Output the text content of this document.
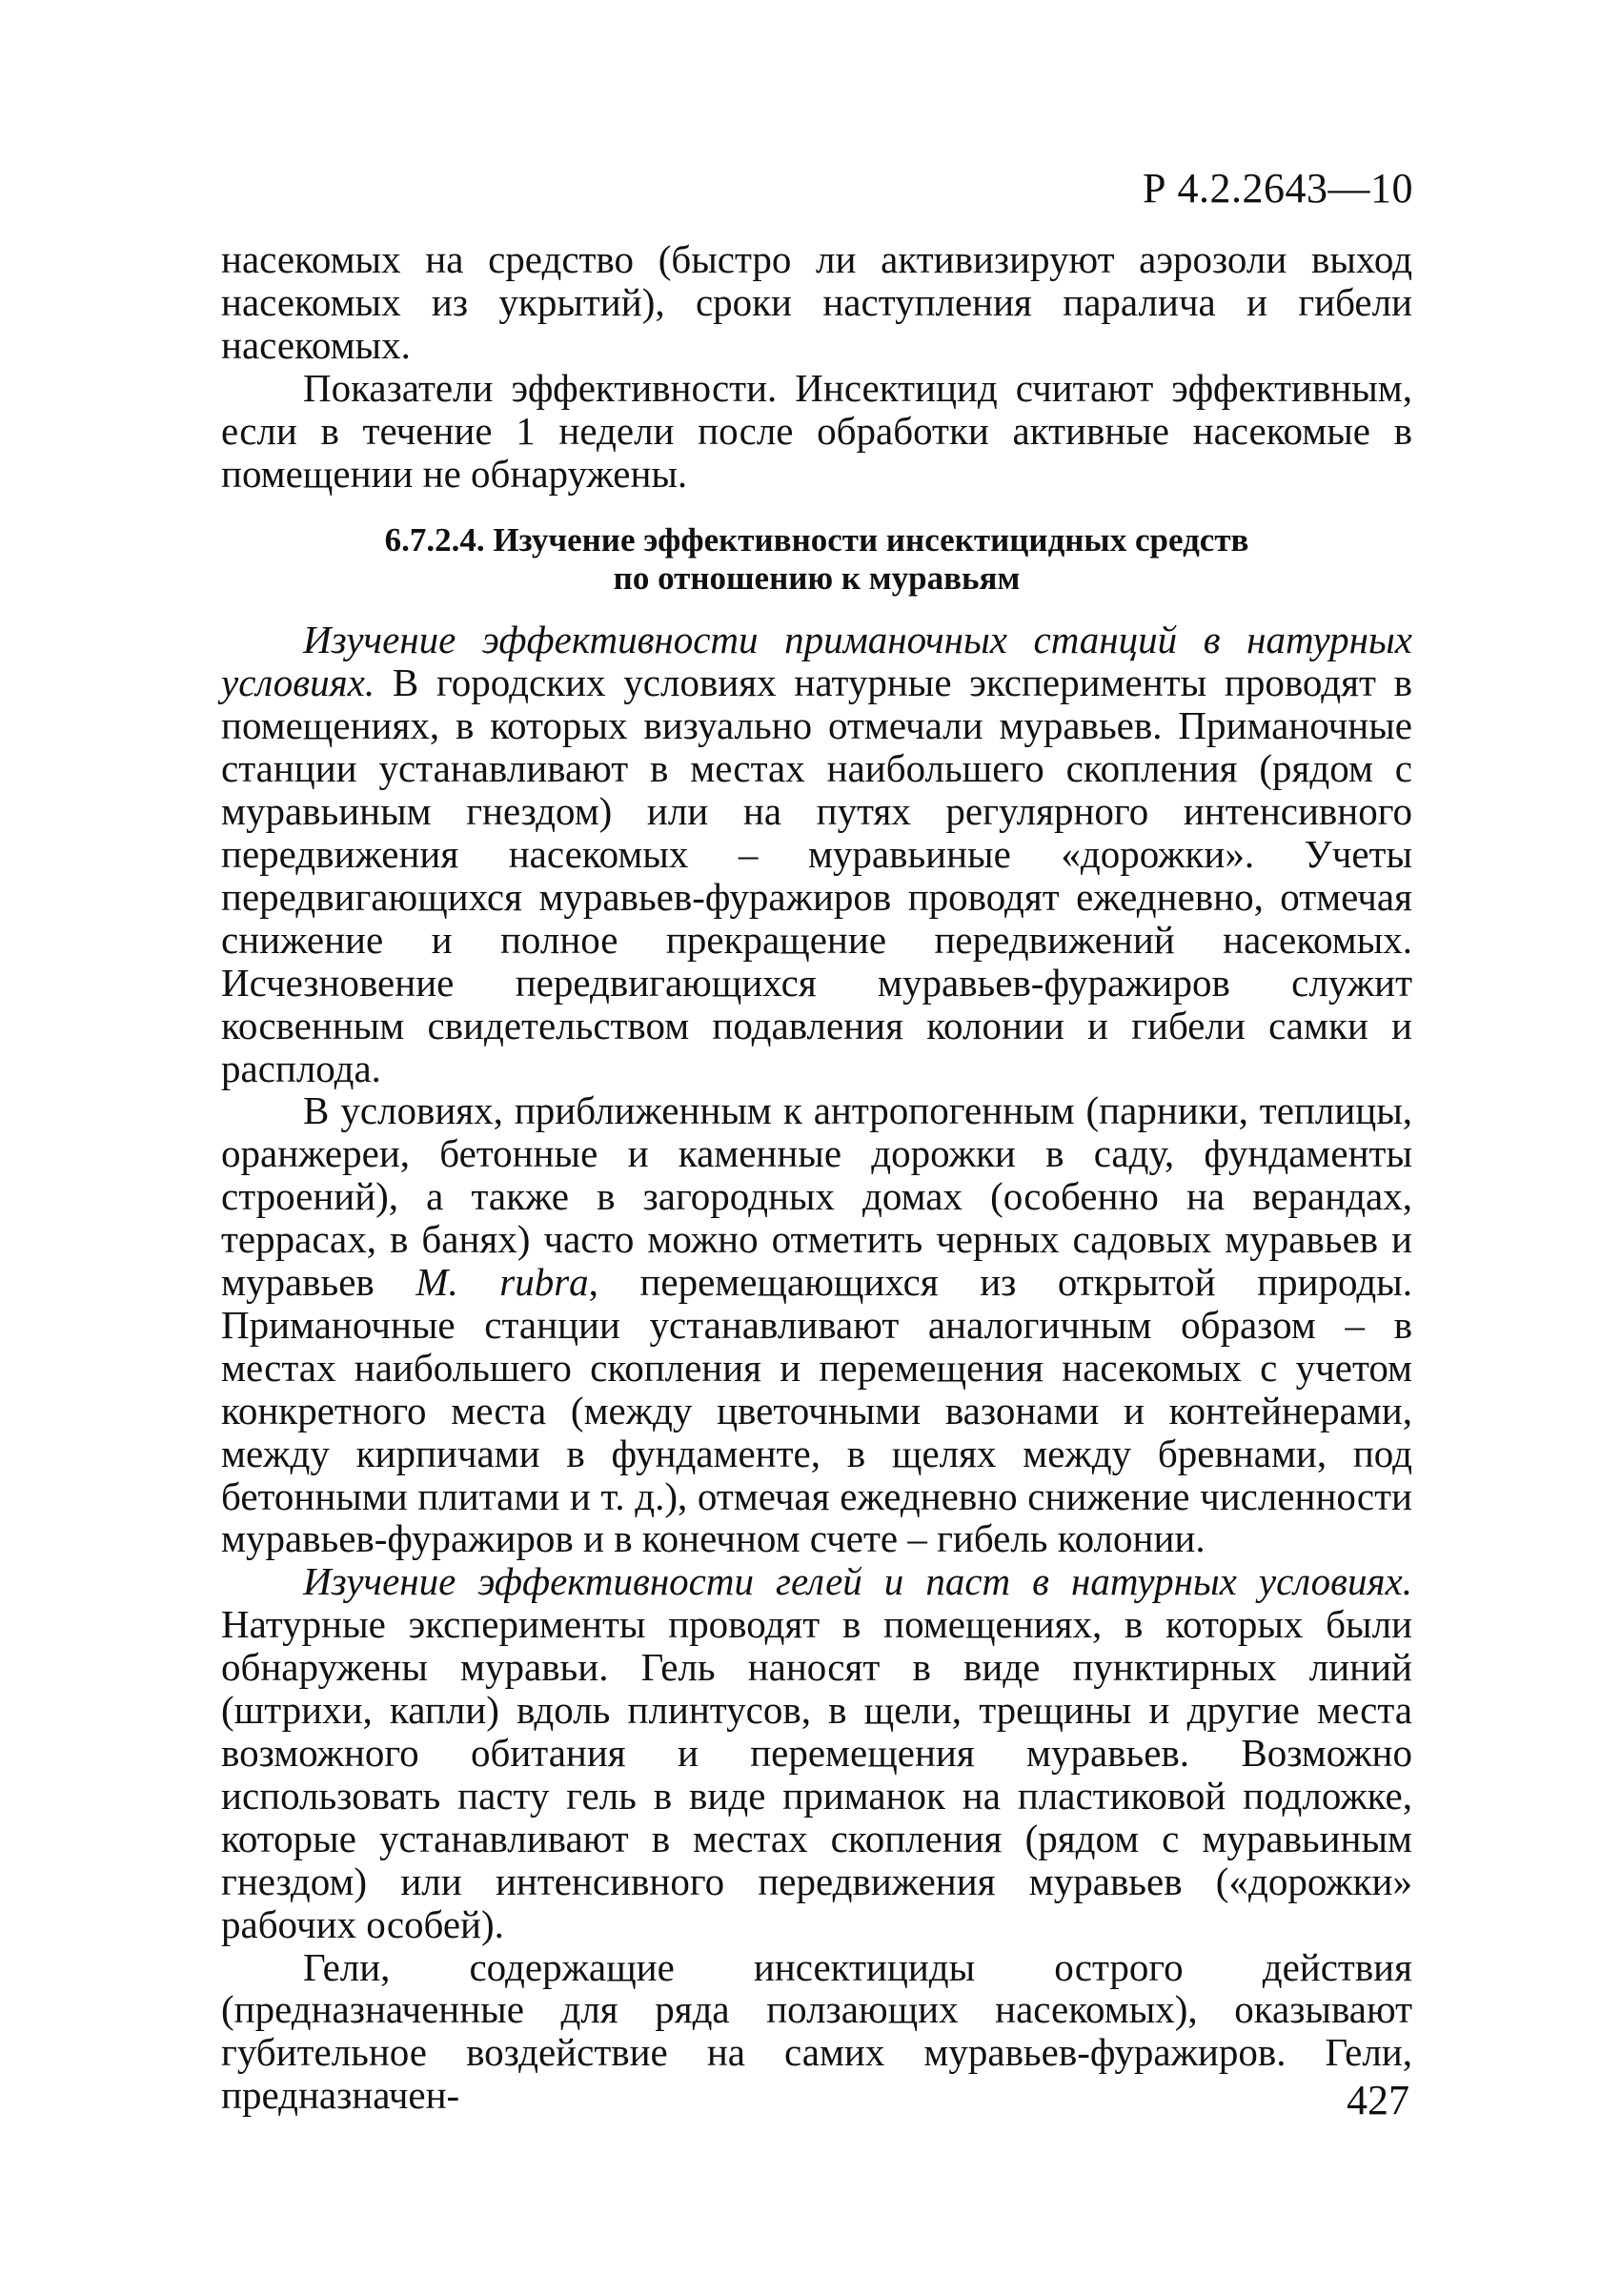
Р 4.2.2643—10

насекомых на средство (быстро ли активизируют аэрозоли выход насекомых из укрытий), сроки наступления паралича и гибели насекомых.

Показатели эффективности. Инсектицид считают эффективным, если в течение 1 недели после обработки активные насекомые в помещении не обнаружены.

6.7.2.4. Изучение эффективности инсектицидных средств
по отношению к муравьям

Изучение эффективности приманочных станций в натурных условиях. В городских условиях натурные эксперименты проводят в помещениях, в которых визуально отмечали муравьев. Приманочные станции устанавливают в местах наибольшего скопления (рядом с муравьиным гнездом) или на путях регулярного интенсивного передвижения насекомых – муравьиные «дорожки». Учеты передвигающихся муравьев-фуражиров проводят ежедневно, отмечая снижение и полное прекращение передвижений насекомых. Исчезновение передвигающихся муравьев-фуражиров служит косвенным свидетельством подавления колонии и гибели самки и расплода.

В условиях, приближенным к антропогенным (парники, теплицы, оранжереи, бетонные и каменные дорожки в саду, фундаменты строений), а также в загородных домах (особенно на верандах, террасах, в банях) часто можно отметить черных садовых муравьев и муравьев M. rubra, перемещающихся из открытой природы. Приманочные станции устанавливают аналогичным образом – в местах наибольшего скопления и перемещения насекомых с учетом конкретного места (между цветочными вазонами и контейнерами, между кирпичами в фундаменте, в щелях между бревнами, под бетонными плитами и т. д.), отмечая ежедневно снижение численности муравьев-фуражиров и в конечном счете – гибель колонии.

Изучение эффективности гелей и паст в натурных условиях. Натурные эксперименты проводят в помещениях, в которых были обнаружены муравьи. Гель наносят в виде пунктирных линий (штрихи, капли) вдоль плинтусов, в щели, трещины и другие места возможного обитания и перемещения муравьев. Возможно использовать пасту гель в виде приманок на пластиковой подложке, которые устанавливают в местах скопления (рядом с муравьиным гнездом) или интенсивного передвижения муравьев («дорожки» рабочих особей).

Гели, содержащие инсектициды острого действия (предназначенные для ряда ползающих насекомых), оказывают губительное воздействие на самих муравьев-фуражиров. Гели, предназначен-	427
